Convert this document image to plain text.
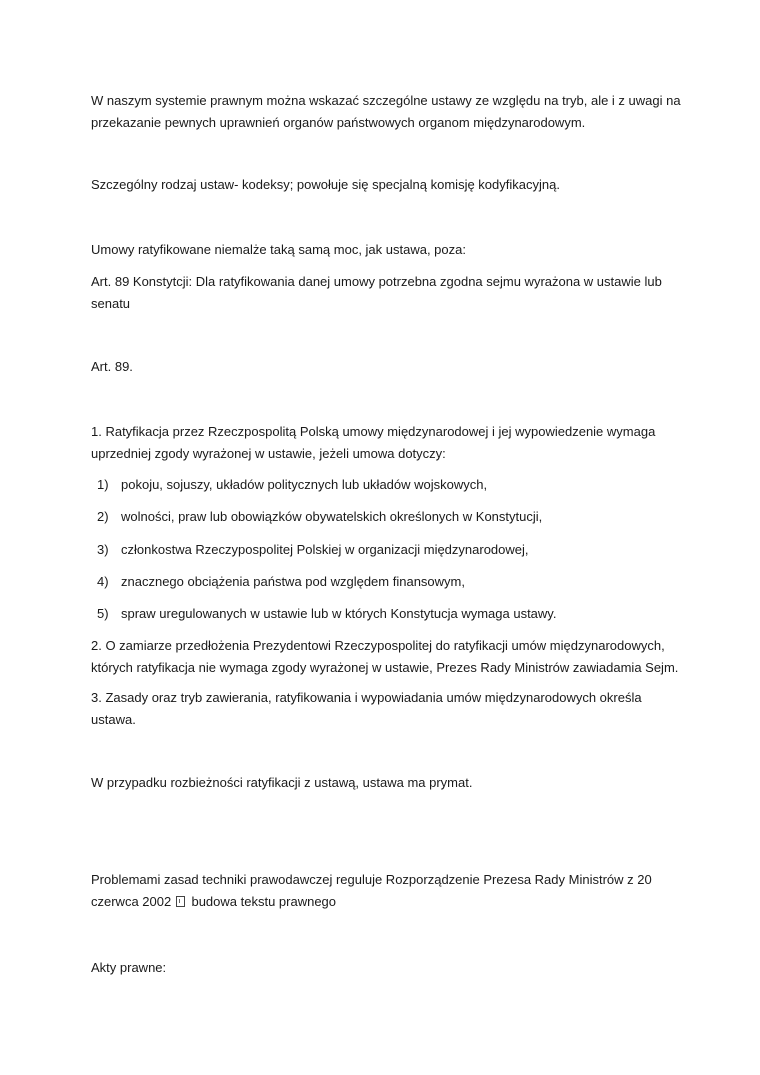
W naszym systemie prawnym można wskazać szczególne ustawy ze względu na tryb, ale i z uwagi na przekazanie pewnych uprawnień organów państwowych organom międzynarodowym.

Szczególny rodzaj ustaw- kodeksy; powołuje się specjalną komisję kodyfikacyjną.

Umowy ratyfikowane niemalże taką samą moc, jak ustawa, poza:

Art. 89 Konstytcji: Dla ratyfikowania danej umowy potrzebna zgodna sejmu wyrażona w ustawie lub senatu

Art. 89.

1. Ratyfikacja przez Rzeczpospolitą Polską umowy międzynarodowej i jej wypowiedzenie wymaga uprzedniej zgody wyrażonej w ustawie, jeżeli umowa dotyczy:

1) pokoju, sojuszy, układów politycznych lub układów wojskowych,
2) wolności, praw lub obowiązków obywatelskich określonych w Konstytucji,
3) członkostwa Rzeczypospolitej Polskiej w organizacji międzynarodowej,
4) znacznego obciążenia państwa pod względem finansowym,
5) spraw uregulowanych w ustawie lub w których Konstytucja wymaga ustawy.

2. O zamiarze przedłożenia Prezydentowi Rzeczypospolitej do ratyfikacji umów międzynarodowych, których ratyfikacja nie wymaga zgody wyrażonej w ustawie, Prezes Rady Ministrów zawiadamia Sejm.

3. Zasady oraz tryb zawierania, ratyfikowania i wypowiadania umów międzynarodowych określa ustawa.

W przypadku rozbieżności ratyfikacji z ustawą, ustawa ma prymat.

Problemami zasad techniki prawodawczej reguluje Rozporządzenie Prezesa Rady Ministrów z 20 czerwca 2002 budowa tekstu prawnego

Akty prawne:
